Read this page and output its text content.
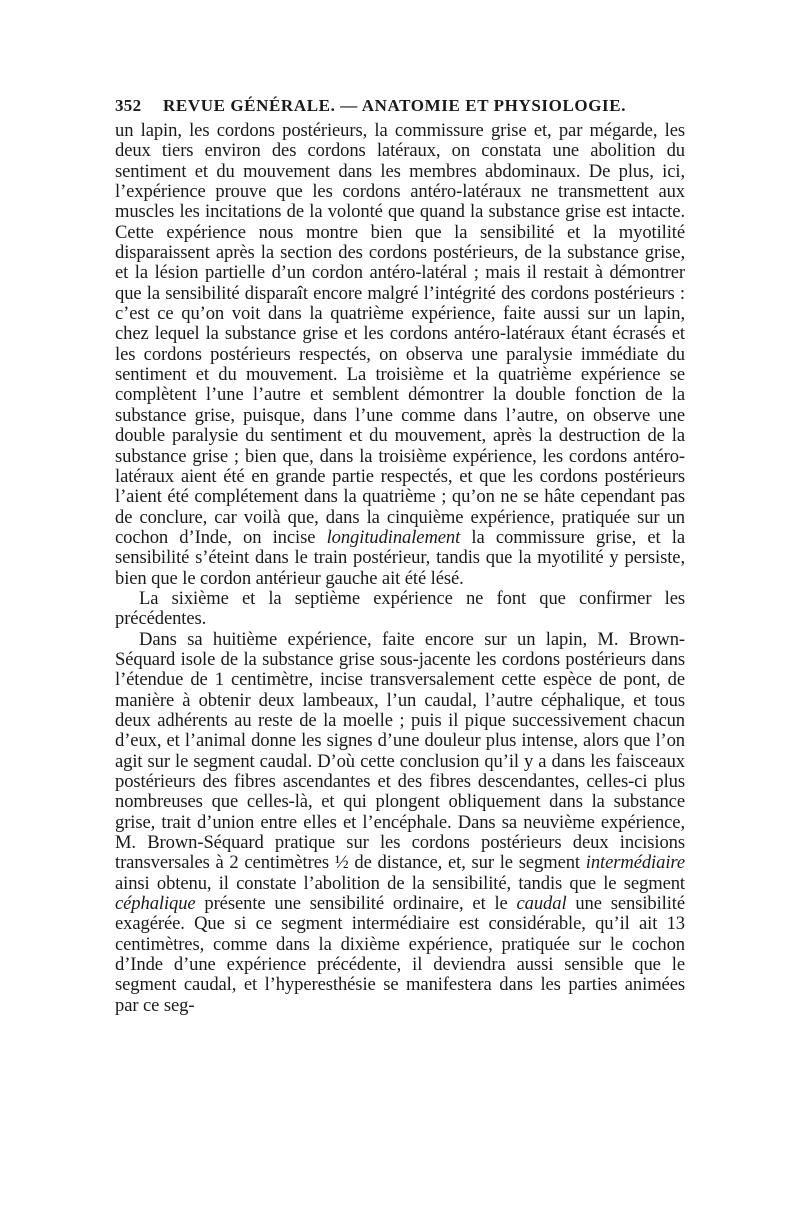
352	REVUE GÉNÉRALE. — ANATOMIE ET PHYSIOLOGIE.

un lapin, les cordons postérieurs, la commissure grise et, par mégarde, les deux tiers environ des cordons latéraux, on constata une abolition du sentiment et du mouvement dans les membres abdominaux. De plus, ici, l’expérience prouve que les cordons antéro-latéraux ne transmettent aux muscles les incitations de la volonté que quand la substance grise est intacte. Cette expérience nous montre bien que la sensibilité et la myotilité disparaissent après la section des cordons postérieurs, de la substance grise, et la lésion partielle d’un cordon antéro-latéral ; mais il restait à démontrer que la sensibilité disparaît encore malgré l’intégrité des cordons postérieurs : c’est ce qu’on voit dans la quatrième expérience, faite aussi sur un lapin, chez lequel la substance grise et les cordons antéro-latéraux étant écrasés et les cordons postérieurs respectés, on observa une paralysie immédiate du sentiment et du mouvement. La troisième et la quatrième expérience se complètent l’une l’autre et semblent démontrer la double fonction de la substance grise, puisque, dans l’une comme dans l’autre, on observe une double paralysie du sentiment et du mouvement, après la destruction de la substance grise ; bien que, dans la troisième expérience, les cordons antéro-latéraux aient été en grande partie respectés, et que les cordons postérieurs l’aient été complétement dans la quatrième ; qu’on ne se hâte cependant pas de conclure, car voilà que, dans la cinquième expérience, pratiquée sur un cochon d’Inde, on incise longitudinalement la commissure grise, et la sensibilité s’éteint dans le train postérieur, tandis que la myotilité y persiste, bien que le cordon antérieur gauche ait été lésé.

La sixième et la septième expérience ne font que confirmer les précédentes.

Dans sa huitième expérience, faite encore sur un lapin, M. Brown-Séquard isole de la substance grise sous-jacente les cordons postérieurs dans l’étendue de 1 centimètre, incise transversalement cette espèce de pont, de manière à obtenir deux lambeaux, l’un caudal, l’autre céphalique, et tous deux adhérents au reste de la moelle ; puis il pique successivement chacun d’eux, et l’animal donne les signes d’une douleur plus intense, alors que l’on agit sur le segment caudal. D’où cette conclusion qu’il y a dans les faisceaux postérieurs des fibres ascendantes et des fibres descendantes, celles-ci plus nombreuses que celles-là, et qui plongent obliquement dans la substance grise, trait d’union entre elles et l’encéphale. Dans sa neuvième expérience, M. Brown-Séquard pratique sur les cordons postérieurs deux incisions transversales à 2 centimètres ½ de distance, et, sur le segment intermédiaire ainsi obtenu, il constate l’abolition de la sensibilité, tandis que le segment céphalique présente une sensibilité ordinaire, et le caudal une sensibilité exagérée. Que si ce segment intermédiaire est considérable, qu’il ait 13 centimètres, comme dans la dixième expérience, pratiquée sur le cochon d’Inde d’une expérience précédente, il deviendra aussi sensible que le segment caudal, et l’hyperesthésie se manifestera dans les parties animées par ce seg-
